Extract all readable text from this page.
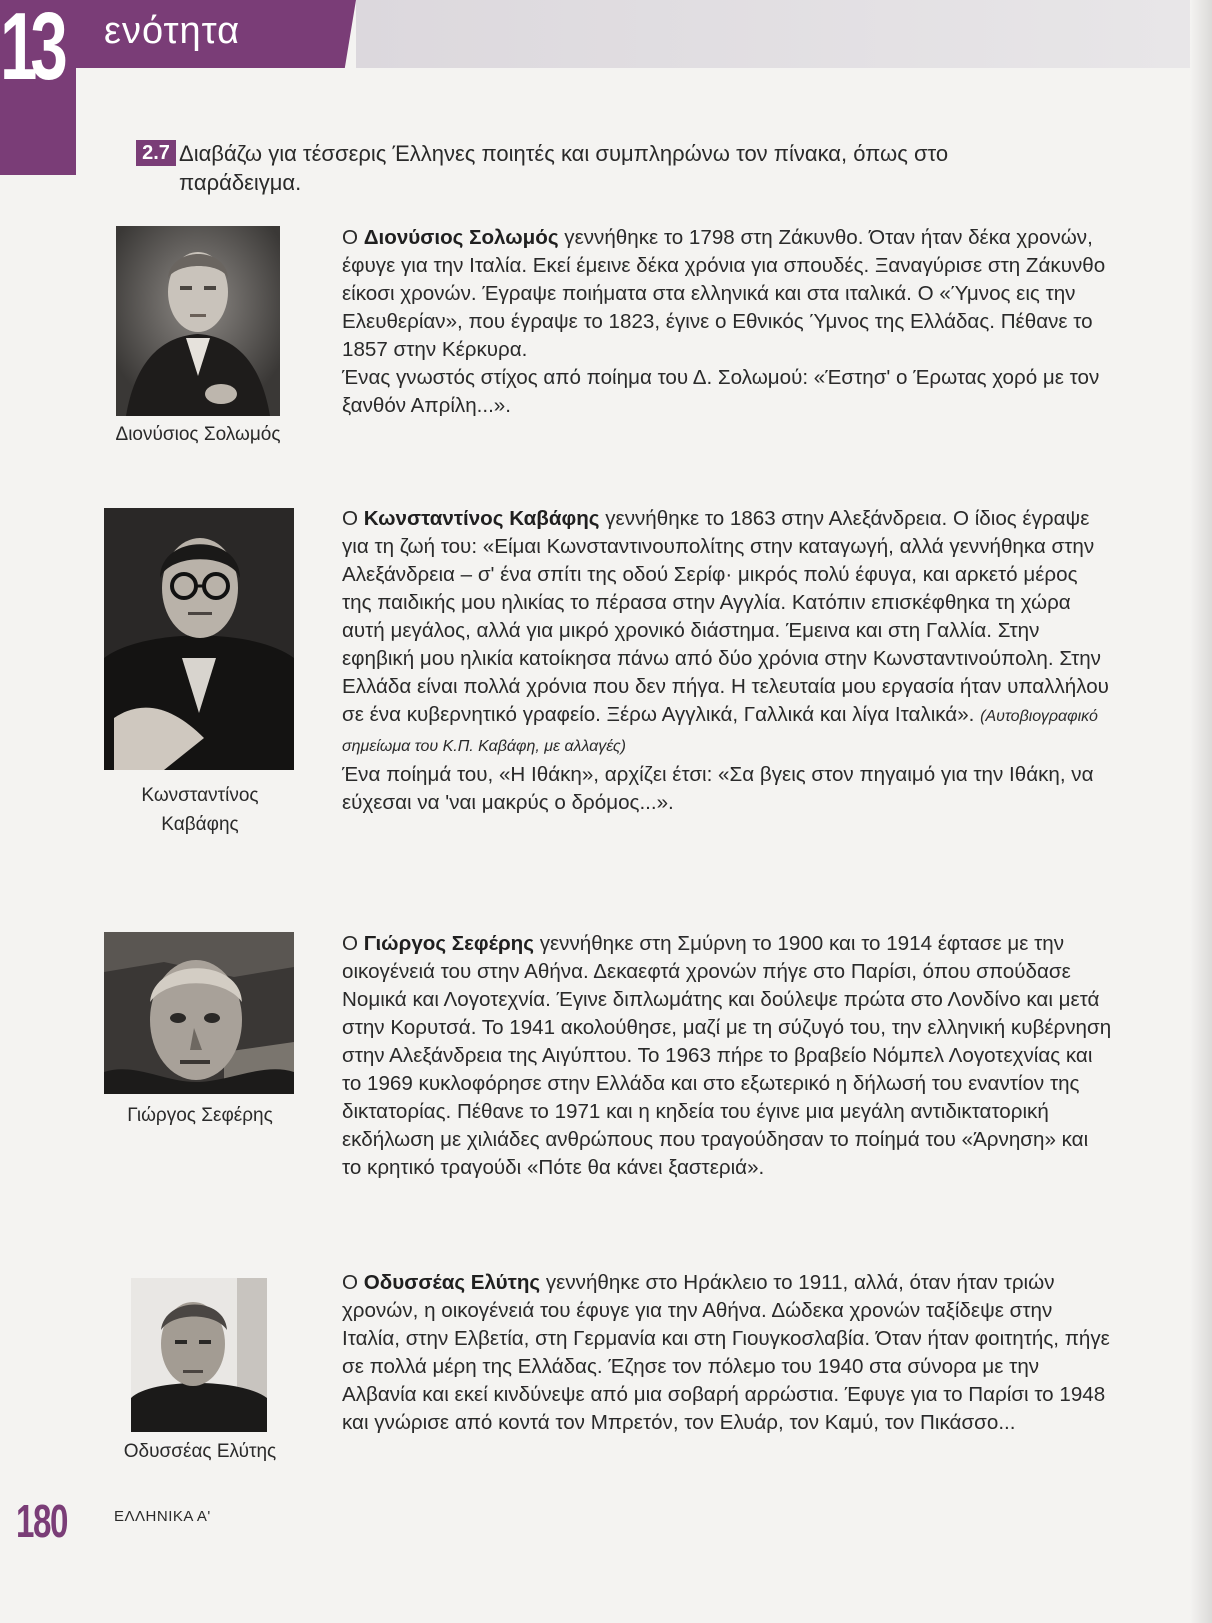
13 ενότητα
2.7 Διαβάζω για τέσσερις Έλληνες ποιητές και συμπληρώνω τον πίνακα, όπως στο παράδειγμα.
Διονύσιος Σολωμός

Ο Διονύσιος Σολωμός γεννήθηκε το 1798 στη Ζάκυνθο. Όταν ήταν δέκα χρονών, έφυγε για την Ιταλία. Εκεί έμεινε δέκα χρόνια για σπουδές. Ξαναγύρισε στη Ζάκυνθο είκοσι χρονών. Έγραψε ποιήματα στα ελληνικά και στα ιταλικά. Ο «Ύμνος εις την Ελευθερίαν», που έγραψε το 1823, έγινε ο Εθνικός Ύμνος της Ελλάδας. Πέθανε το 1857 στην Κέρκυρα.

Ένας γνωστός στίχος από ποίημα του Δ. Σολωμού: «Έστησ' ο Έρωτας χορό με τον ξανθόν Απρίλη...».

Κωνσταντίνος
Καβάφης

Ο Κωνσταντίνος Καβάφης γεννήθηκε το 1863 στην Αλεξάνδρεια. Ο ίδιος έγραψε για τη ζωή του: «Είμαι Κωνσταντινουπολίτης στην καταγωγή, αλλά γεννήθηκα στην Αλεξάνδρεια – σ' ένα σπίτι της οδού Σερίφ· μικρός πολύ έφυγα, και αρκετό μέρος της παιδικής μου ηλικίας το πέρασα στην Αγγλία. Κατόπιν επισκέφθηκα τη χώρα αυτή μεγάλος, αλλά για μικρό χρονικό διάστημα. Έμεινα και στη Γαλλία. Στην εφηβική μου ηλικία κατοίκησα πάνω από δύο χρόνια στην Κωνσταντινούπολη. Στην Ελλάδα είναι πολλά χρόνια που δεν πήγα. Η τελευταία μου εργασία ήταν υπαλλήλου σε ένα κυβερνητικό γραφείο. Ξέρω Αγγλικά, Γαλλικά και λίγα Ιταλικά». (Αυτοβιογραφικό σημείωμα του Κ.Π. Καβάφη, με αλλαγές)

Ένα ποίημά του, «Η Ιθάκη», αρχίζει έτσι: «Σα βγεις στον πηγαιμό για την Ιθάκη, να εύχεσαι να 'ναι μακρύς ο δρόμος...».

Γιώργος Σεφέρης

Ο Γιώργος Σεφέρης γεννήθηκε στη Σμύρνη το 1900 και το 1914 έφτασε με την οικογένειά του στην Αθήνα. Δεκαεφτά χρονών πήγε στο Παρίσι, όπου σπούδασε Νομικά και Λογοτεχνία. Έγινε διπλωμάτης και δούλεψε πρώτα στο Λονδίνο και μετά στην Κορυτσά. Το 1941 ακολούθησε, μαζί με τη σύζυγό του, την ελληνική κυβέρνηση στην Αλεξάνδρεια της Αιγύπτου. Το 1963 πήρε το βραβείο Νόμπελ Λογοτεχνίας και το 1969 κυκλοφόρησε στην Ελλάδα και στο εξωτερικό η δήλωσή του εναντίον της δικτατορίας. Πέθανε το 1971 και η κηδεία του έγινε μια μεγάλη αντιδικτατορική εκδήλωση με χιλιάδες ανθρώπους που τραγούδησαν το ποίημά του «Άρνηση» και το κρητικό τραγούδι «Πότε θα κάνει ξαστεριά».

Οδυσσέας Ελύτης

Ο Οδυσσέας Ελύτης γεννήθηκε στο Ηράκλειο το 1911, αλλά, όταν ήταν τριών χρονών, η οικογένειά του έφυγε για την Αθήνα. Δώδεκα χρονών ταξίδεψε στην Ιταλία, στην Ελβετία, στη Γερμανία και στη Γιουγκοσλαβία. Όταν ήταν φοιτητής, πήγε σε πολλά μέρη της Ελλάδας. Έζησε τον πόλεμο του 1940 στα σύνορα με την Αλβανία και εκεί κινδύνεψε από μια σοβαρή αρρώστια. Έφυγε για το Παρίσι το 1948 και γνώρισε από κοντά τον Μπρετόν, τον Ελυάρ, τον Καμύ, τον Πικάσσο...

180	ΕΛΛΗΝΙΚΑ Α'
